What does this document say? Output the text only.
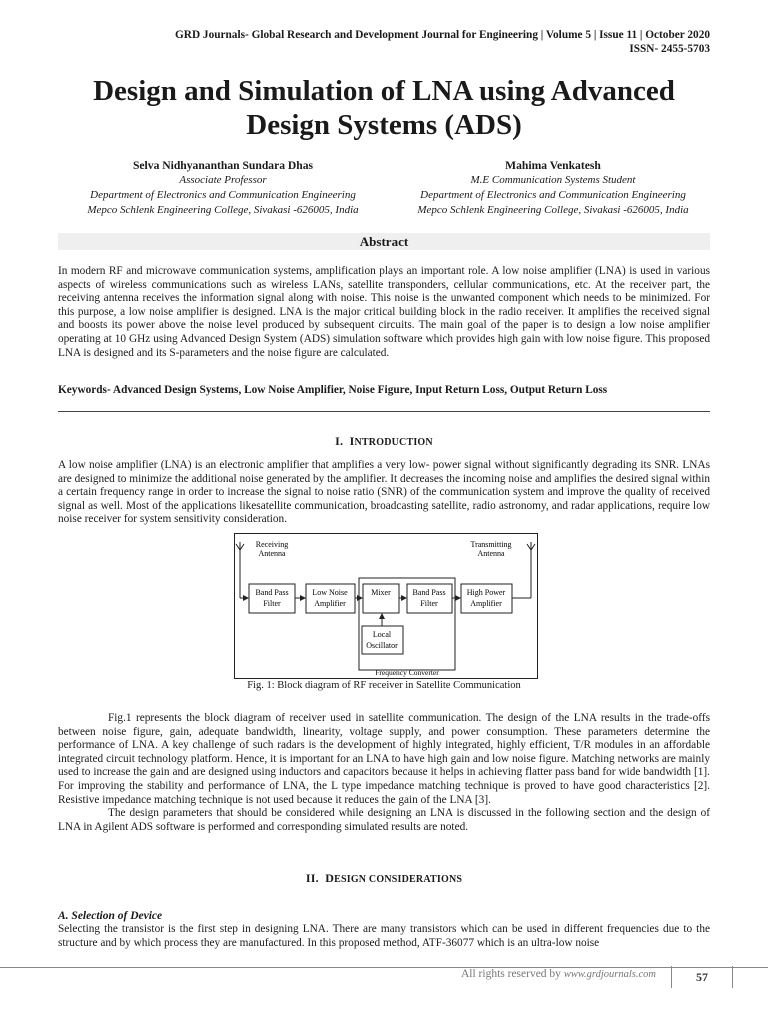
GRD Journals- Global Research and Development Journal for Engineering | Volume 5 | Issue 11 | October 2020
ISSN- 2455-5703
Design and Simulation of LNA using Advanced
Design Systems (ADS)
Selva Nidhyananthan Sundara Dhas
Associate Professor
Department of Electronics and Communication Engineering
Mepco Schlenk Engineering College, Sivakasi -626005, India
Mahima Venkatesh
M.E Communication Systems Student
Department of Electronics and Communication Engineering
Mepco Schlenk Engineering College, Sivakasi -626005, India
Abstract
In modern RF and microwave communication systems, amplification plays an important role. A low noise amplifier (LNA) is used in various aspects of wireless communications such as wireless LANs, satellite transponders, cellular communications, etc. At the receiver part, the receiving antenna receives the information signal along with noise. This noise is the unwanted component which needs to be minimized. For this purpose, a low noise amplifier is designed. LNA is the major critical building block in the radio receiver. It amplifies the received signal and boosts its power above the noise level produced by subsequent circuits. The main goal of the paper is to design a low noise amplifier operating at 10 GHz using Advanced Design System (ADS) simulation software which provides high gain with low noise figure. This proposed LNA is designed and its S-parameters and the noise figure are calculated.
Keywords- Advanced Design Systems, Low Noise Amplifier, Noise Figure, Input Return Loss, Output Return Loss
I. INTRODUCTION
A low noise amplifier (LNA) is an electronic amplifier that amplifies a very low- power signal without significantly degrading its SNR. LNAs are designed to minimize the additional noise generated by the amplifier. It decreases the incoming noise and amplifies the desired signal within a certain frequency range in order to increase the signal to noise ratio (SNR) of the communication system and improve the quality of received signal as well. Most of the applications likesatellite communication, broadcasting satellite, radio astronomy, and radar applications, require low noise receiver for system sensitivity consideration.
Receiving
Antenna
Transmitting
Antenna
Frequency Converter
Band Pass
Filter
Low Noise
Amplifier
Mixer	Band Pass
Filter
High Power
Amplifier
Local
Oscillator
Fig. 1: Block diagram of RF receiver in Satellite Communication
Fig.1 represents the block diagram of receiver used in satellite communication. The design of the LNA results in the trade-offs between noise figure, gain, adequate bandwidth, linearity, voltage supply, and power consumption. These parameters determine the performance of LNA. A key challenge of such radars is the development of highly integrated, highly efficient, T/R modules in an affordable integrated circuit technology platform. Hence, it is important for an LNA to have high gain and low noise figure. Matching networks are mainly used to increase the gain and are designed using inductors and capacitors because it helps in achieving flatter pass band for wide bandwidth [1]. For improving the stability and performance of LNA, the L type impedance matching technique is proved to have good characteristics [2]. Resistive impedance matching technique is not used because it reduces the gain of the LNA [3].
The design parameters that should be considered while designing an LNA is discussed in the following section and the design of LNA in Agilent ADS software is performed and corresponding simulated results are noted.
II. DESIGN CONSIDERATIONS
A. Selection of Device
Selecting the transistor is the first step in designing LNA. There are many transistors which can be used in different frequencies due to the structure and by which process they are manufactured. In this proposed method, ATF-36077 which is an ultra-low noise
All rights reserved by www.grdjournals.com	57
